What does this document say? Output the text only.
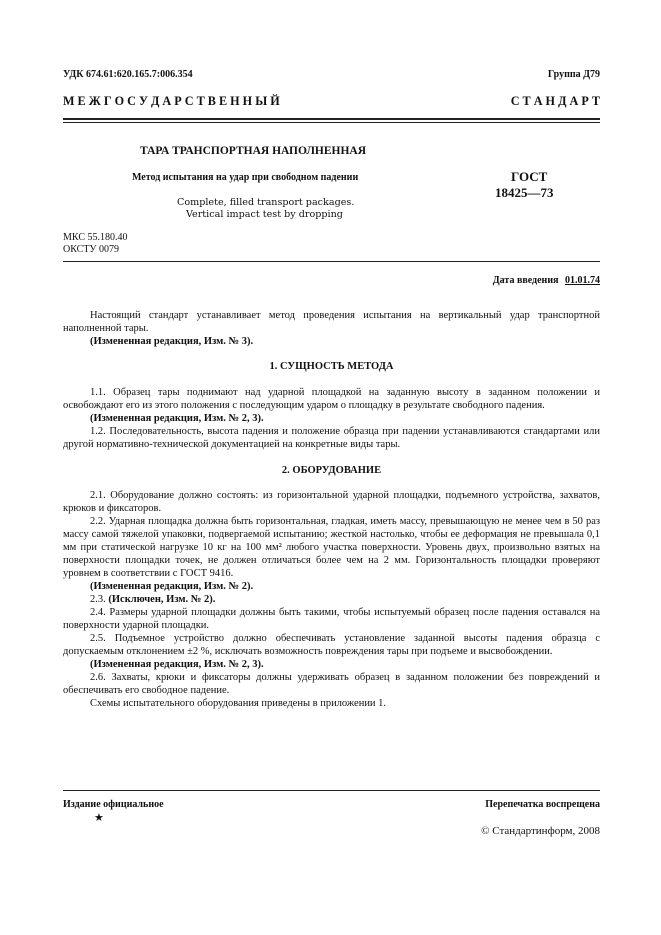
УДК 674.61:620.165.7:006.354	Группа Д79
М Е Ж Г О С У Д А Р С Т В Е Н Н Ы Й	С Т А Н Д А Р Т
ТАРА ТРАНСПОРТНАЯ НАПОЛНЕННАЯ
Метод испытания на удар при свободном падении
Complete, filled transport packages.
Vertical impact test by dropping
ГОСТ
18425—73
МКС 55.180.40
ОКСТУ 0079
Дата введения 01.01.74
Настоящий стандарт устанавливает метод проведения испытания на вертикальный удар транспортной наполненной тары.
(Измененная редакция, Изм. № 3).
1. СУЩНОСТЬ МЕТОДА
1.1. Образец тары поднимают над ударной площадкой на заданную высоту в заданном положении и освобождают его из этого положения с последующим ударом о площадку в результате свободного падения.
(Измененная редакция, Изм. № 2, 3).
1.2. Последовательность, высота падения и положение образца при падении устанавливаются стандартами или другой нормативно-технической документацией на конкретные виды тары.
2. ОБОРУДОВАНИЕ
2.1. Оборудование должно состоять: из горизонтальной ударной площадки, подъемного устройства, захватов, крюков и фиксаторов.
2.2. Ударная площадка должна быть горизонтальная, гладкая, иметь массу, превышающую не менее чем в 50 раз массу самой тяжелой упаковки, подвергаемой испытанию; жесткой настолько, чтобы ее деформация не превышала 0,1 мм при статической нагрузке 10 кг на 100 мм² любого участка поверхности. Уровень двух, произвольно взятых на поверхности площадки точек, не должен отличаться более чем на 2 мм. Горизонтальность площадки проверяют уровнем в соответствии с ГОСТ 9416.
(Измененная редакция, Изм. № 2).
2.3. (Исключен, Изм. № 2).
2.4. Размеры ударной площадки должны быть такими, чтобы испытуемый образец после падения оставался на поверхности ударной площадки.
2.5. Подъемное устройство должно обеспечивать установление заданной высоты падения образца с допускаемым отклонением ±2 %, исключать возможность повреждения тары при подъеме и высвобождении.
(Измененная редакция, Изм. № 2, 3).
2.6. Захваты, крюки и фиксаторы должны удерживать образец в заданном положении без повреждений и обеспечивать его свободное падение.
Схемы испытательного оборудования приведены в приложении 1.
Издание официальное	Перепечатка воспрещена
★
© Стандартинформ, 2008
